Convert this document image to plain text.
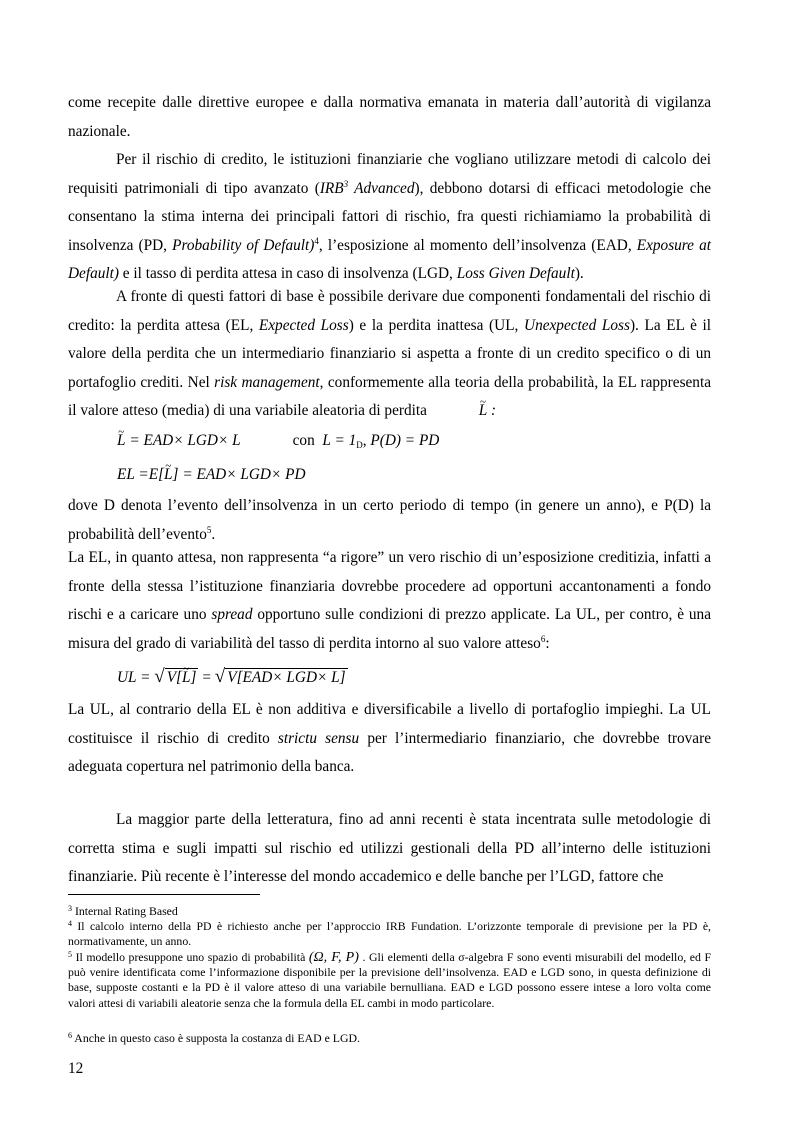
come recepite dalle direttive europee e dalla normativa emanata in materia dall’autorità di vigilanza nazionale.

Per il rischio di credito, le istituzioni finanziarie che vogliano utilizzare metodi di calcolo dei requisiti patrimoniali di tipo avanzato (IRB$^3$ Advanced), debbono dotarsi di efficaci metodologie che consentano la stima interna dei principali fattori di rischio, fra questi richiamiamo la probabilità di insolvenza (PD, Probability of Default)$^4$, l’esposizione al momento dell’insolvenza (EAD, Exposure at Default) e il tasso di perdita attesa in caso di insolvenza (LGD, Loss Given Default).

A fronte di questi fattori di base è possibile derivare due componenti fondamentali del rischio di credito: la perdita attesa (EL, Expected Loss) e la perdita inattesa (UL, Unexpected Loss). La EL è il valore della perdita che un intermediario finanziario si aspetta a fronte di un credito specifico o di un portafoglio crediti. Nel risk management, conformemente alla teoria della probabilità, la EL rappresenta il valore atteso (media) di una variabile aleatoria di perdita ~	L :

~ L = EAD× LGD× L	con $L = 1_D$, P(D) = PD

EL =E[~ L] = EAD× LGD× PD

dove D denota l’evento dell’insolvenza in un certo periodo di tempo (in genere un anno), e P(D) la probabilità dell’evento$^5$.

La EL, in quanto attesa, non rappresenta “a rigore” un vero rischio di un’esposizione creditizia, infatti a fronte della stessa l’istituzione finanziaria dovrebbe procedere ad opportuni accantonamenti a fondo rischi e a caricare uno spread opportuno sulle condizioni di prezzo applicate. La UL, per contro, è una misura del grado di variabilità del tasso di perdita intorno al suo valore atteso$^6$:

UL = √ V[~ L] = √ V[EAD× LGD× L]

La UL, al contrario della EL è non additiva e diversificabile a livello di portafoglio impieghi. La UL costituisce il rischio di credito strictu sensu per l’intermediario finanziario, che dovrebbe trovare adeguata copertura nel patrimonio della banca.

La maggior parte della letteratura, fino ad anni recenti è stata incentrata sulle metodologie di corretta stima e sugli impatti sul rischio ed utilizzi gestionali della PD all’interno delle istituzioni finanziarie. Più recente è l’interesse del mondo accademico e delle banche per l’LGD, fattore che

$^3$ Internal Rating Based

$^4$ Il calcolo interno della PD è richiesto anche per l’approccio IRB Fundation. L’orizzonte temporale di previsione per la PD è, normativamente, un anno.

$^5$ Il modello presuppone uno spazio di probabilità (Ω, F, P) . Gli elementi della σ-algebra F sono eventi misurabili del modello, ed F può venire identificata come l’informazione disponibile per la previsione dell’insolvenza. EAD e LGD sono, in questa definizione di base, supposte costanti e la PD è il valore atteso di una variabile bernulliana. EAD e LGD possono essere intese a loro volta come valori attesi di variabili aleatorie senza che la formula della EL cambi in modo particolare.

$^6$ Anche in questo caso è supposta la costanza di EAD e LGD.

12
